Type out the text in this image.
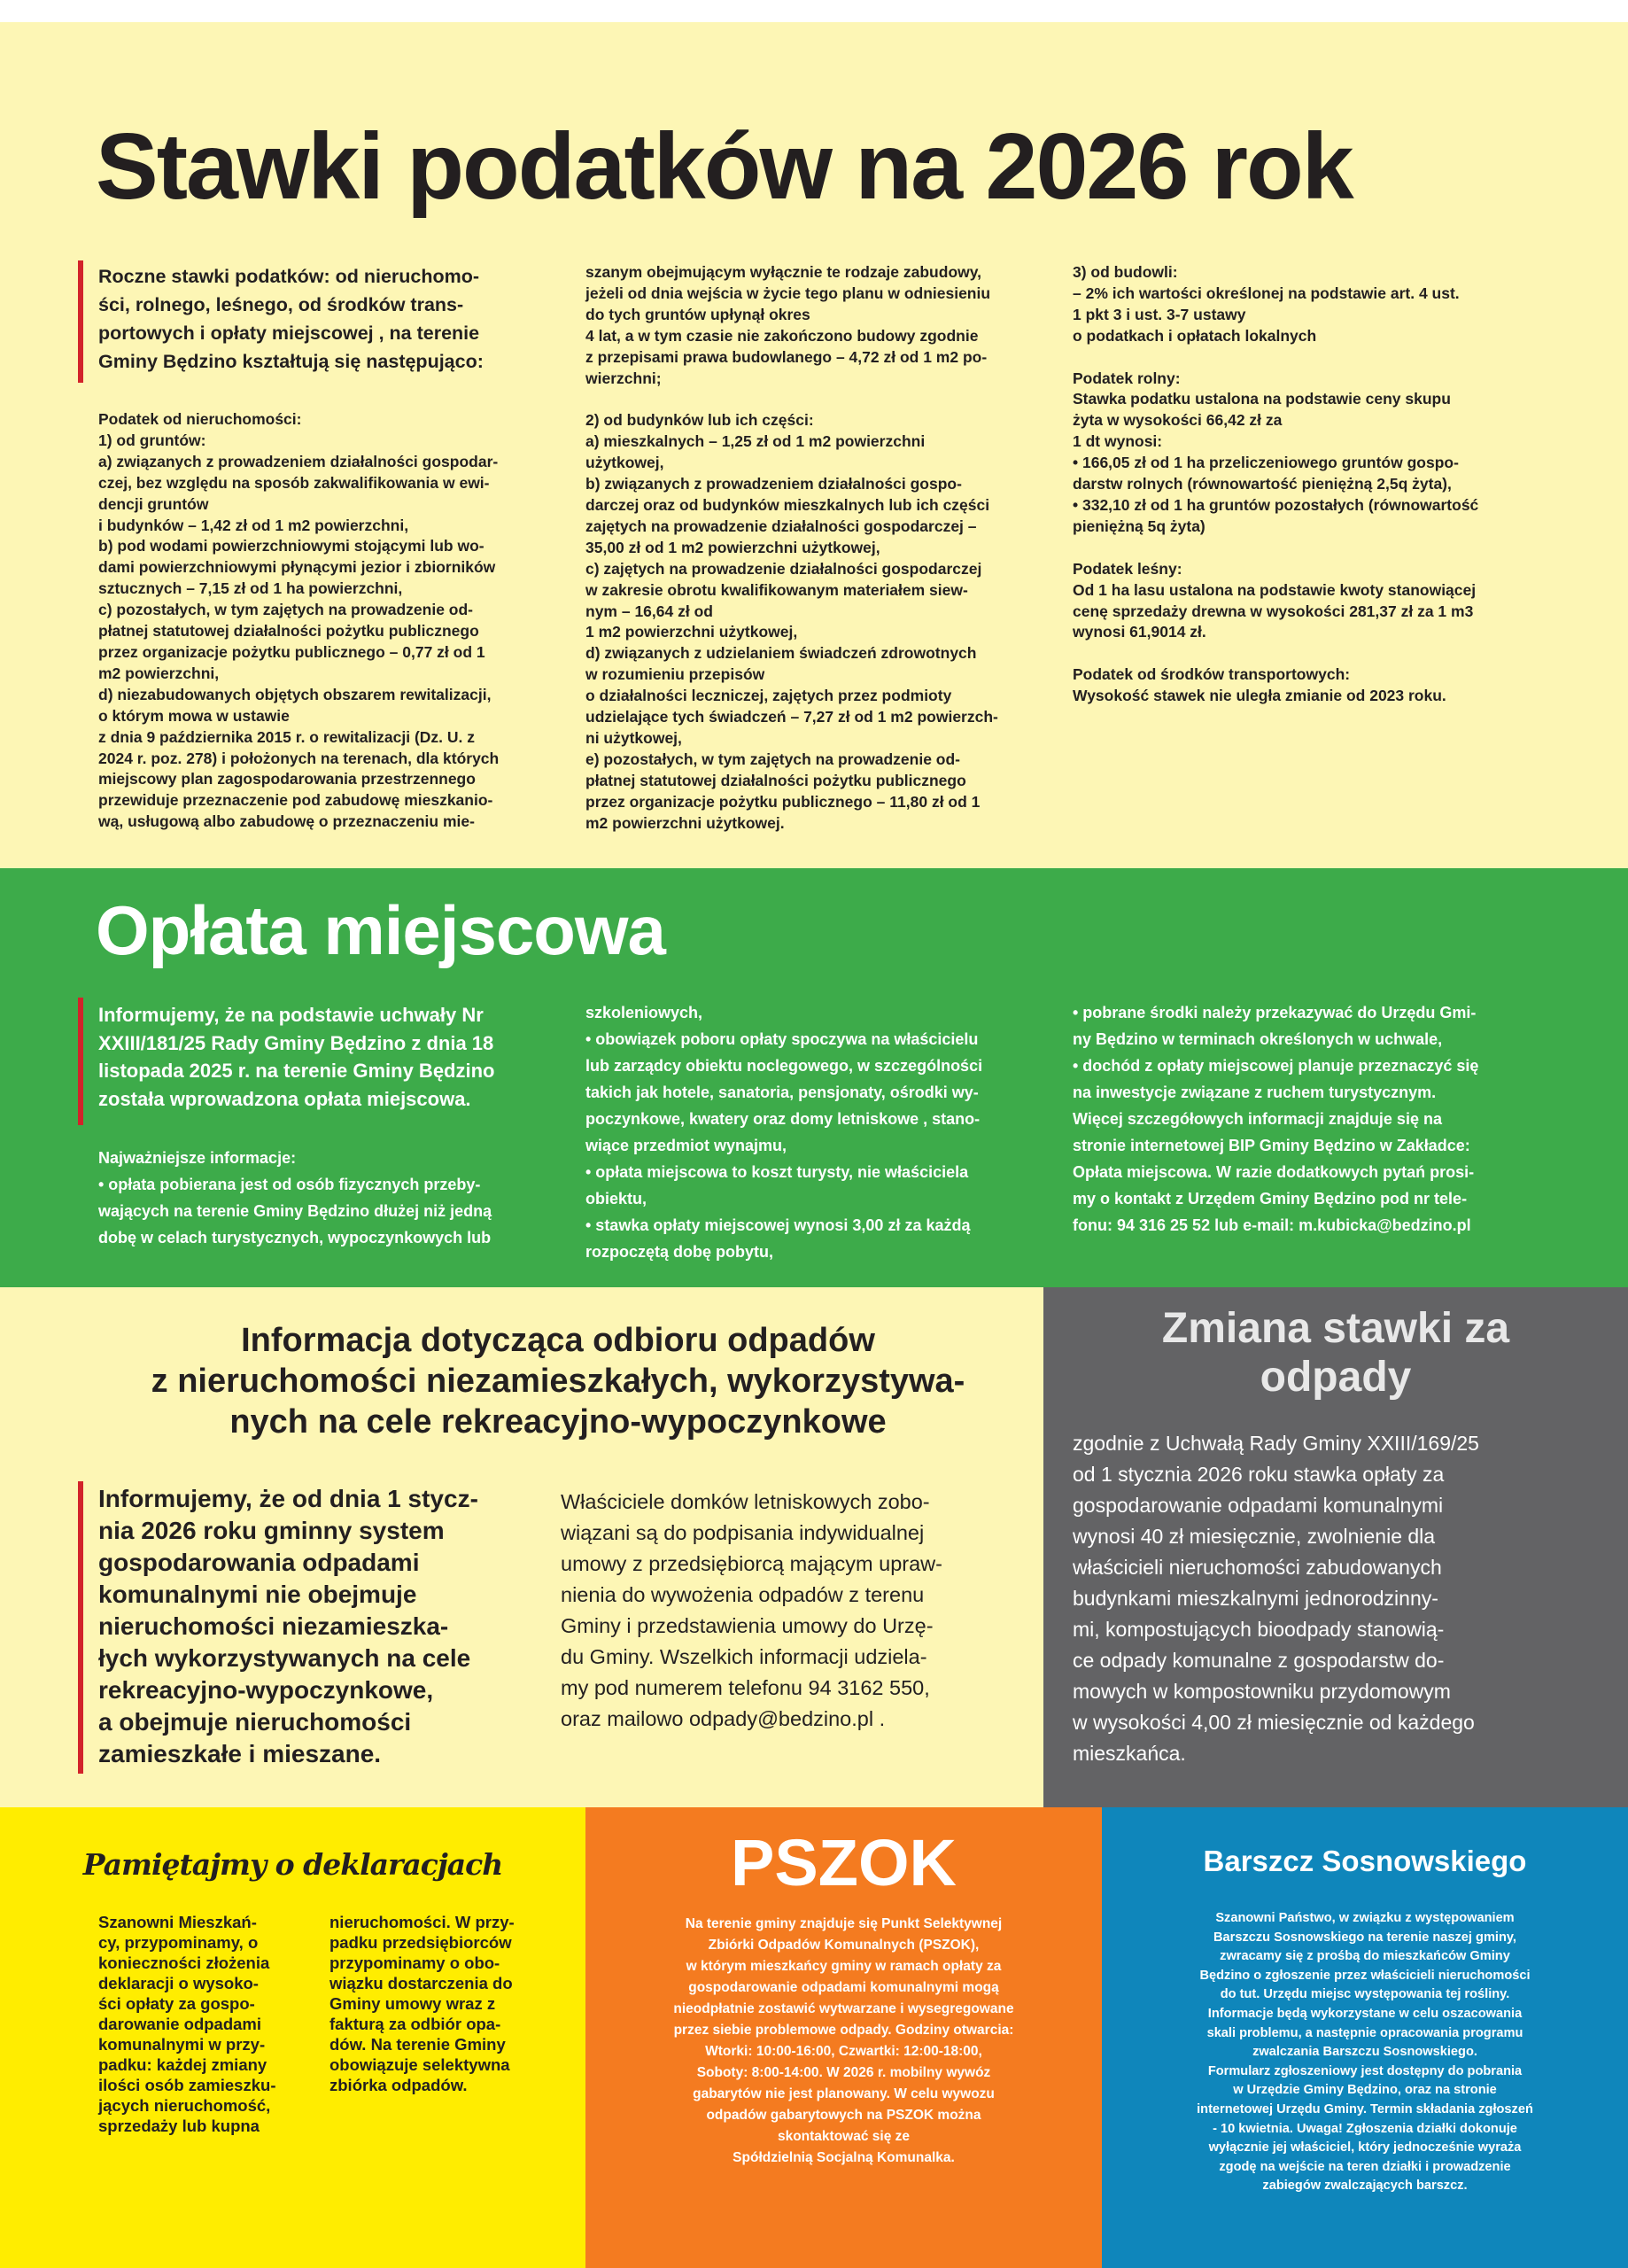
Stawki podatków na 2026 rok
Roczne stawki podatków: od nieruchomo-
ści, rolnego, leśnego, od środków trans-
portowych i opłaty miejscowej , na terenie
Gminy Będzino kształtują się następująco:
Podatek od nieruchomości:
1) od gruntów:
a) związanych z prowadzeniem działalności gospodar-
czej, bez względu na sposób zakwalifikowania w ewi-
dencji gruntów
i budynków – 1,42 zł od 1 m2 powierzchni,
b) pod wodami powierzchniowymi stojącymi lub wo-
dami powierzchniowymi płynącymi jezior i zbiorników
sztucznych – 7,15 zł od 1 ha powierzchni,
c) pozostałych, w tym zajętych na prowadzenie od-
płatnej statutowej działalności pożytku publicznego
przez organizacje pożytku publicznego – 0,77 zł od 1
m2 powierzchni,
d) niezabudowanych objętych obszarem rewitalizacji,
o którym mowa w ustawie
z dnia 9 października 2015 r. o rewitalizacji (Dz. U. z
2024 r. poz. 278) i położonych na terenach, dla których
miejscowy plan zagospodarowania przestrzennego
przewiduje przeznaczenie pod zabudowę mieszkanio-
wą, usługową albo zabudowę o przeznaczeniu mie-
szanym obejmującym wyłącznie te rodzaje zabudowy,
jeżeli od dnia wejścia w życie tego planu w odniesieniu
do tych gruntów upłynął okres
4 lat, a w tym czasie nie zakończono budowy zgodnie
z przepisami prawa budowlanego – 4,72 zł od 1 m2 po-
wierzchni;

2) od budynków lub ich części:
a) mieszkalnych – 1,25 zł od 1 m2 powierzchni
użytkowej,
b) związanych z prowadzeniem działalności gospo-
darczej oraz od budynków mieszkalnych lub ich części
zajętych na prowadzenie działalności gospodarczej –
35,00 zł od 1 m2 powierzchni użytkowej,
c) zajętych na prowadzenie działalności gospodarczej
w zakresie obrotu kwalifikowanym materiałem siew-
nym – 16,64 zł od
1 m2 powierzchni użytkowej,
d) związanych z udzielaniem świadczeń zdrowotnych
w rozumieniu przepisów
o działalności leczniczej, zajętych przez podmioty
udzielające tych świadczeń – 7,27 zł od 1 m2 powierzch-
ni użytkowej,
e) pozostałych, w tym zajętych na prowadzenie od-
płatnej statutowej działalności pożytku publicznego
przez organizacje pożytku publicznego – 11,80 zł od 1
m2 powierzchni użytkowej.
3) od budowli:
– 2% ich wartości określonej na podstawie art. 4 ust.
1 pkt 3 i ust. 3-7 ustawy
o podatkach i opłatach lokalnych

Podatek rolny:
Stawka podatku ustalona na podstawie ceny skupu
żyta w wysokości 66,42 zł za
1 dt wynosi:
• 166,05 zł od 1 ha przeliczeniowego gruntów gospo-
darstw rolnych (równowartość pieniężną 2,5q żyta),
• 332,10 zł od 1 ha gruntów pozostałych (równowartość
pieniężną 5q żyta)

Podatek leśny:
Od 1 ha lasu ustalona na podstawie kwoty stanowiącej
cenę sprzedaży drewna w wysokości 281,37 zł za 1 m3
wynosi 61,9014 zł.

Podatek od środków transportowych:
Wysokość stawek nie uległa zmianie od 2023 roku.
Opłata miejscowa
Informujemy, że na podstawie uchwały Nr
XXIII/181/25 Rady Gminy Będzino z dnia 18
listopada 2025 r. na terenie Gminy Będzino
została wprowadzona opłata miejscowa.
Najważniejsze informacje:
• opłata pobierana jest od osób fizycznych przeby-
wających na terenie Gminy Będzino dłużej niż jedną
dobę w celach turystycznych, wypoczynkowych lub
szkoleniowych,
• obowiązek poboru opłaty spoczywa na właścicielu
lub zarządcy obiektu noclegowego, w szczególności
takich jak hotele, sanatoria, pensjonaty, ośrodki wy-
poczynkowe, kwatery oraz domy letniskowe , stano-
wiące przedmiot wynajmu,
• opłata miejscowa to koszt turysty, nie właściciela
obiektu,
• stawka opłaty miejscowej wynosi 3,00 zł za każdą
rozpoczętą dobę pobytu,
• pobrane środki należy przekazywać do Urzędu Gmi-
ny Będzino w terminach określonych w uchwale,
• dochód z opłaty miejscowej planuje przeznaczyć się
na inwestycje związane z ruchem turystycznym.
Więcej szczegółowych informacji znajduje się na
stronie internetowej BIP Gminy Będzino w Zakładce:
Opłata miejscowa. W razie dodatkowych pytań prosi-
my o kontakt z Urzędem Gminy Będzino pod nr tele-
fonu: 94 316 25 52 lub e-mail: m.kubicka@bedzino.pl
Informacja dotycząca odbioru odpadów
z nieruchomości niezamieszkałych, wykorzystywa-
nych na cele rekreacyjno-wypoczynkowe
Informujemy, że od dnia 1 stycz-
nia 2026 roku gminny system
gospodarowania odpadami
komunalnymi nie obejmuje
nieruchomości niezamieszka-
łych wykorzystywanych na cele
rekreacyjno-wypoczynkowe,
a obejmuje nieruchomości
zamieszkałe i mieszane.
Właściciele domków letniskowych zobo-
wiązani są do podpisania indywidualnej
umowy z przedsiębiorcą mającym upraw-
nienia do wywożenia odpadów z terenu
Gminy i przedstawienia umowy do Urzę-
du Gminy. Wszelkich informacji udziela-
my pod numerem telefonu 94 3162 550,
oraz mailowo odpady@bedzino.pl .
Zmiana stawki za
odpady
zgodnie z Uchwałą Rady Gminy XXIII/169/25
od 1 stycznia 2026 roku stawka opłaty za
gospodarowanie odpadami komunalnymi
wynosi 40 zł miesięcznie, zwolnienie dla
właścicieli nieruchomości zabudowanych
budynkami mieszkalnymi jednorodzinny-
mi, kompostujących bioodpady stanowią-
ce odpady komunalne z gospodarstw do-
mowych w kompostowniku przydomowym
w wysokości 4,00 zł miesięcznie od każdego
mieszkańca.
Pamiętajmy o deklaracjach
Szanowni Mieszkań-
cy, przypominamy, o
konieczności złożenia
deklaracji o wysoko-
ści opłaty za gospo-
darowanie odpadami
komunalnymi w przy-
padku: każdej zmiany
ilości osób zamieszku-
jących nieruchomość,
sprzedaży lub kupna
nieruchomości. W przy-
padku przedsiębiorców
przypominamy o obo-
wiązku dostarczenia do
Gminy umowy wraz z
fakturą za odbiór opa-
dów. Na terenie Gminy
obowiązuje selektywna
zbiórka odpadów.
PSZOK
Na terenie gminy znajduje się Punkt Selektywnej
Zbiórki Odpadów Komunalnych (PSZOK),
w którym mieszkańcy gminy w ramach opłaty za
gospodarowanie odpadami komunalnymi mogą
nieodpłatnie zostawić wytwarzane i wysegregowane
przez siebie problemowe odpady. Godziny otwarcia:
Wtorki: 10:00-16:00, Czwartki: 12:00-18:00,
Soboty: 8:00-14:00. W 2026 r. mobilny wywóz
gabarytów nie jest planowany. W celu wywozu
odpadów gabarytowych na PSZOK można
skontaktować się ze
Spółdzielnią Socjalną Komunalka.
Barszcz Sosnowskiego
Szanowni Państwo, w związku z występowaniem
Barszczu Sosnowskiego na terenie naszej gminy,
zwracamy się z prośbą do mieszkańców Gminy
Będzino o zgłoszenie przez właścicieli nieruchomości
do tut. Urzędu miejsc występowania tej rośliny.
Informacje będą wykorzystane w celu oszacowania
skali problemu, a następnie opracowania programu
zwalczania Barszczu Sosnowskiego.
Formularz zgłoszeniowy jest dostępny do pobrania
w Urzędzie Gminy Będzino, oraz na stronie
internetowej Urzędu Gminy. Termin składania zgłoszeń
- 10 kwietnia. Uwaga! Zgłoszenia działki dokonuje
wyłącznie jej właściciel, który jednocześnie wyraża
zgodę na wejście na teren działki i prowadzenie
zabiegów zwalczających barszcz.
